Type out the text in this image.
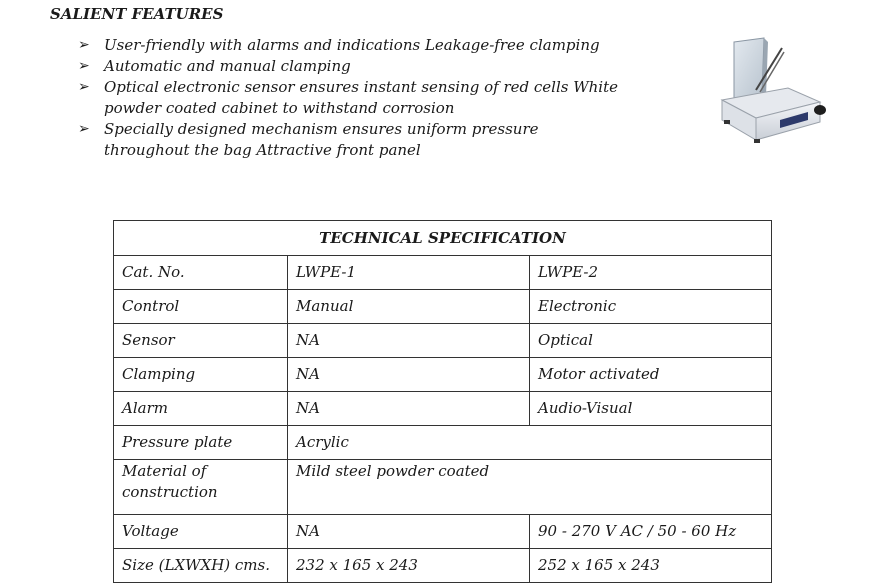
SALIENT FEATURES
➢ User-friendly with alarms and indications Leakage-free clamping
➢ Automatic and manual clamping
➢ Optical electronic sensor ensures instant sensing of red cells White powder coated cabinet to withstand corrosion
➢ Specially designed mechanism ensures uniform pressure throughout the bag Attractive front panel
TECHNICAL SPECIFICATION		
Cat. No.	LWPE-1	LWPE-2
Control	Manual	Electronic
Sensor	NA	Optical
Clamping	NA	Motor activated
Alarm	NA	Audio-Visual
Pressure plate	Acrylic	
Material of construction	Mild steel powder coated	
Voltage	NA	90 - 270 V AC / 50 - 60 Hz
Size (LXWXH) cms.	232 x 165 x 243	252 x 165 x 243
